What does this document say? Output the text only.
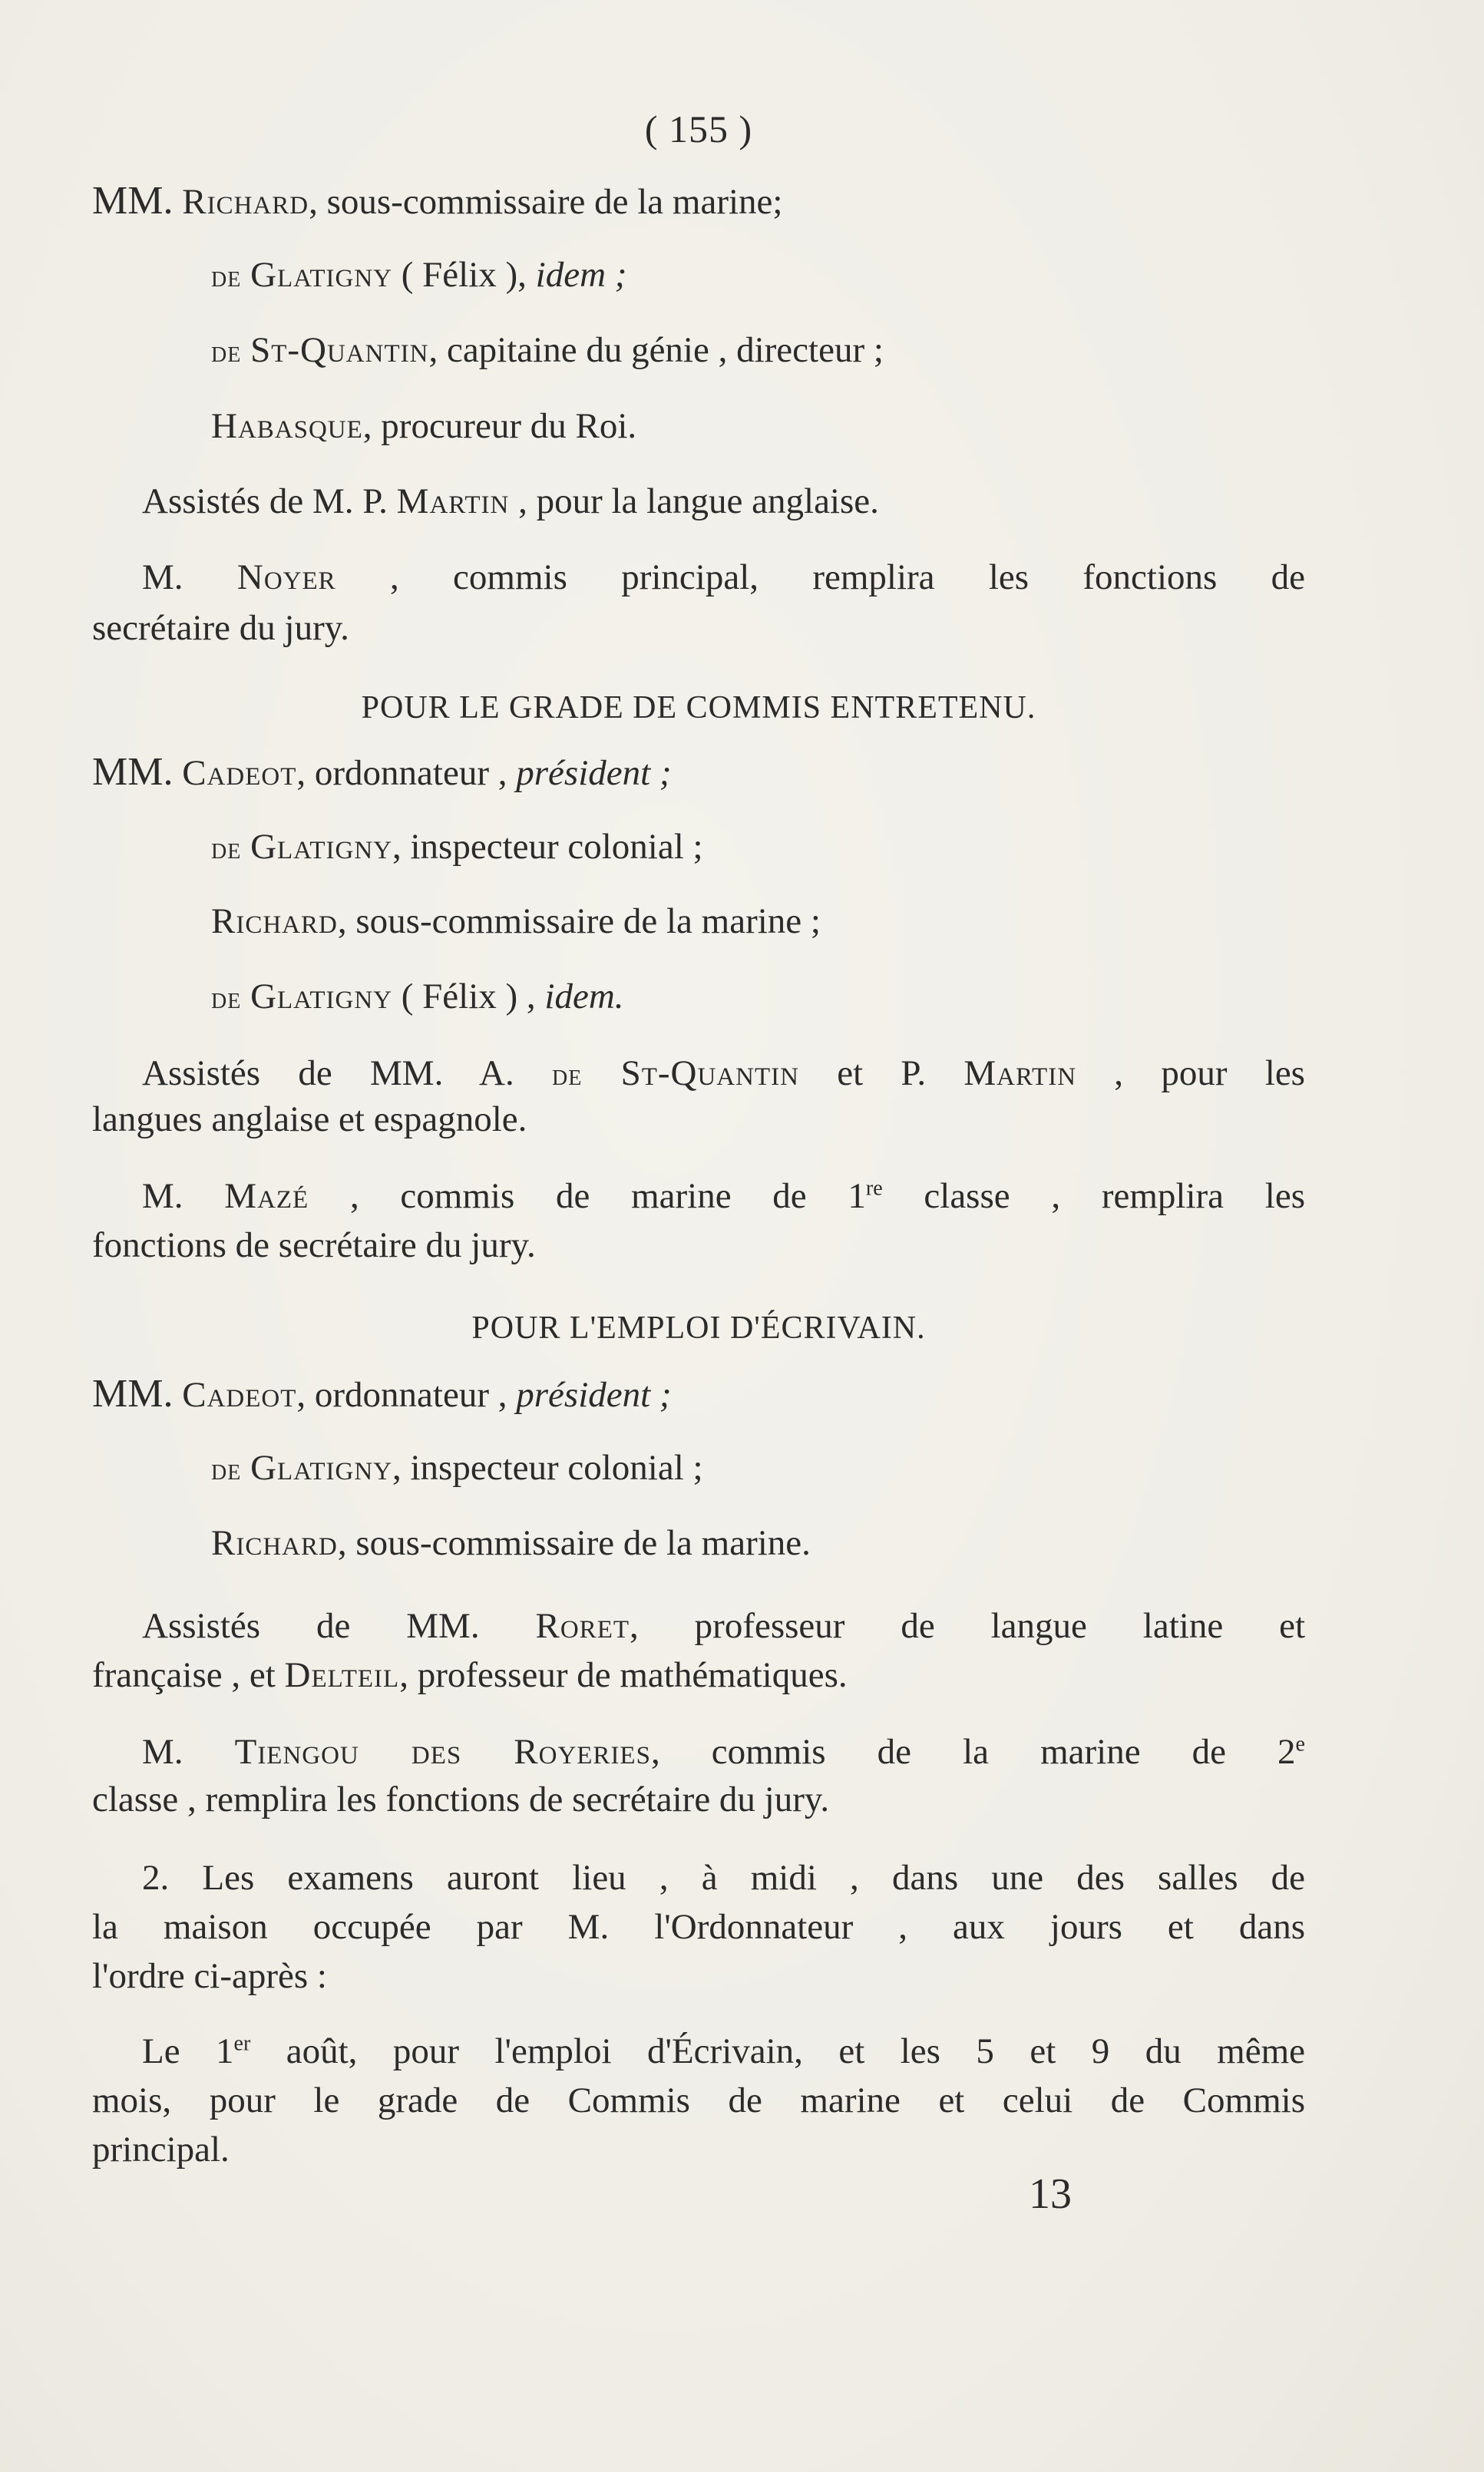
( 155 )
MM. Richard, sous-commissaire de la marine;
de Glatigny ( Félix ), idem ;
de St-Quantin, capitaine du génie , directeur ;
Habasque, procureur du Roi.
Assistés de M. P. Martin , pour la langue anglaise.
M. Noyer , commis principal, remplira les fonctions de
secrétaire du jury.
POUR LE GRADE DE COMMIS ENTRETENU.
MM. Cadeot, ordonnateur , président ;
de Glatigny, inspecteur colonial ;
Richard, sous-commissaire de la marine ;
de Glatigny ( Félix ) , idem.
Assistés de MM. A. de St-Quantin et P. Martin , pour les
langues anglaise et espagnole.
M. Mazé , commis de marine de 1re classe , remplira les
fonctions de secrétaire du jury.
POUR L'EMPLOI D'ÉCRIVAIN.
MM. Cadeot, ordonnateur , président ;
de Glatigny, inspecteur colonial ;
Richard, sous-commissaire de la marine.
Assistés de MM. Roret, professeur de langue latine et
française , et Delteil, professeur de mathématiques.
M. Tiengou des Royeries, commis de la marine de 2e
classe , remplira les fonctions de secrétaire du jury.
2. Les examens auront lieu , à midi , dans une des salles de
la maison occupée par M. l'Ordonnateur , aux jours et dans
l'ordre ci-après :
Le 1er août, pour l'emploi d'Écrivain, et les 5 et 9 du même
mois, pour le grade de Commis de marine et celui de Commis
principal.
13
